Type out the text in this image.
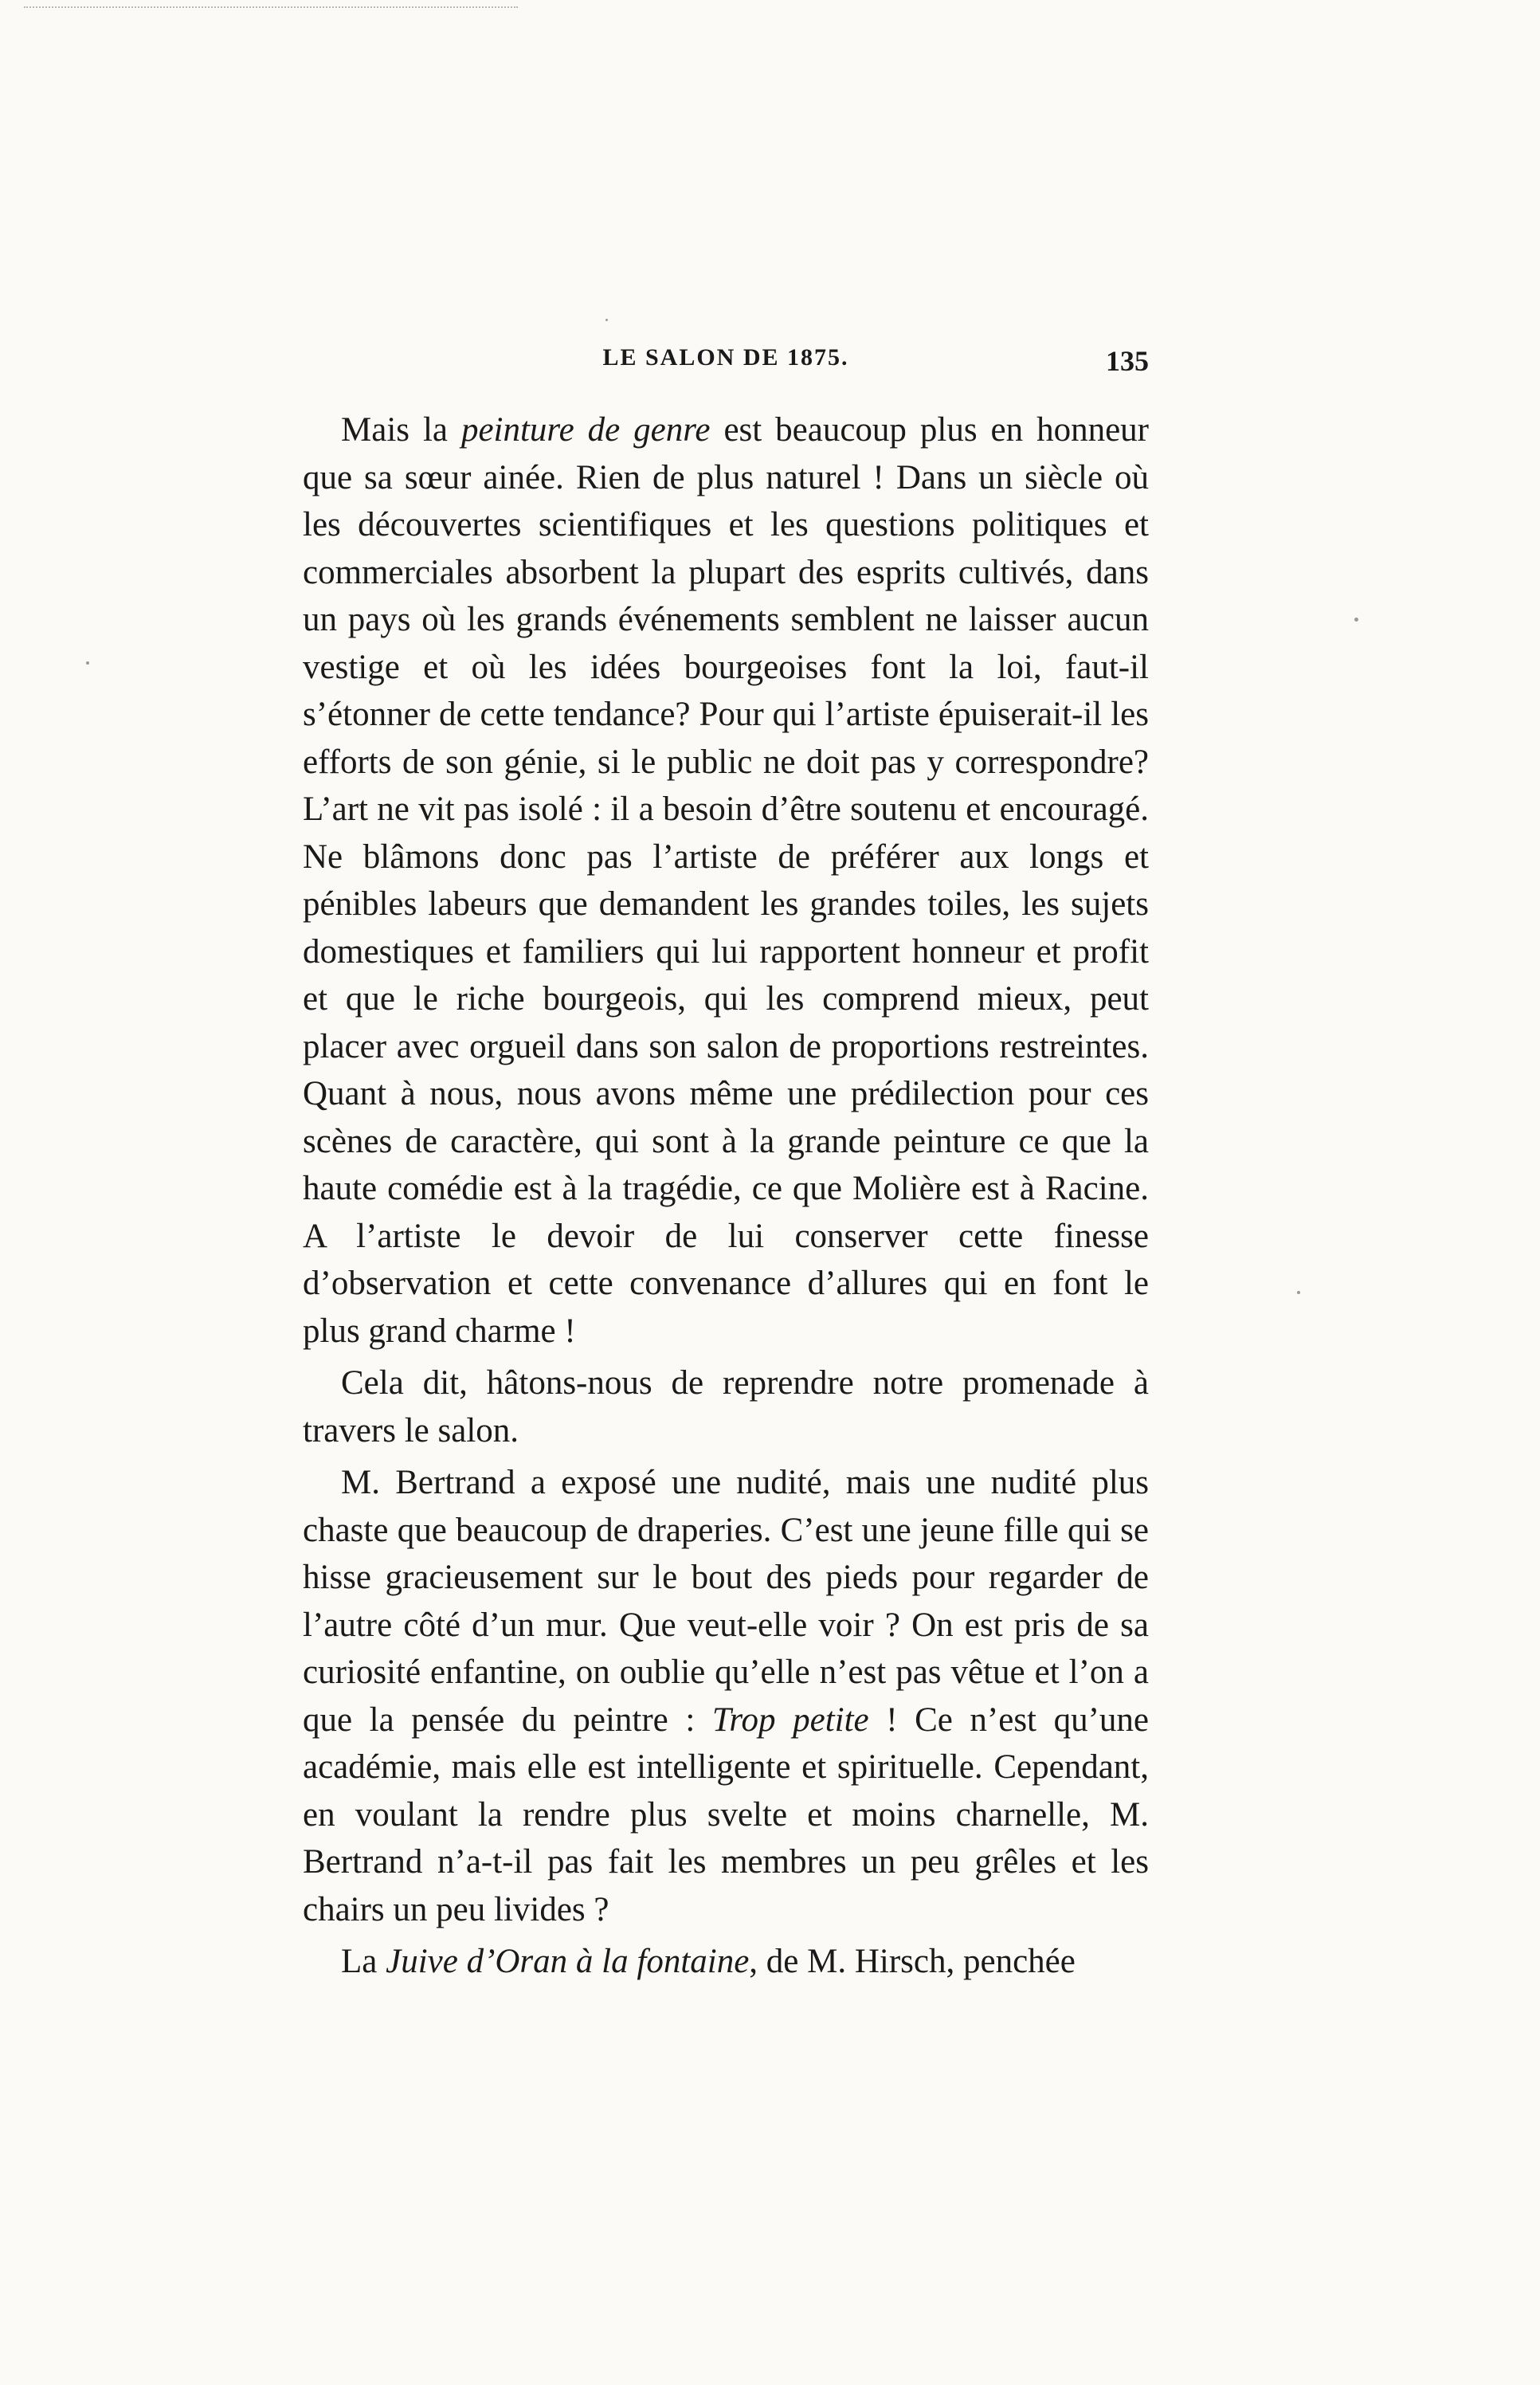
LE SALON DE 1875.	135

Mais la peinture de genre est beaucoup plus en honneur que sa sœur ainée. Rien de plus naturel ! Dans un siècle où les découvertes scientifiques et les questions politiques et commerciales absorbent la plupart des esprits cultivés, dans un pays où les grands événements semblent ne laisser aucun vestige et où les idées bourgeoises font la loi, faut-il s’étonner de cette tendance? Pour qui l’artiste épuiserait-il les efforts de son génie, si le public ne doit pas y correspondre? L’art ne vit pas isolé : il a besoin d’être soutenu et encouragé. Ne blâmons donc pas l’artiste de préférer aux longs et pénibles labeurs que demandent les grandes toiles, les sujets domestiques et familiers qui lui rapportent honneur et profit et que le riche bourgeois, qui les comprend mieux, peut placer avec orgueil dans son salon de proportions restreintes. Quant à nous, nous avons même une prédilection pour ces scènes de caractère, qui sont à la grande peinture ce que la haute comédie est à la tragédie, ce que Molière est à Racine. A l’artiste le devoir de lui conserver cette finesse d’observation et cette convenance d’allures qui en font le plus grand charme !

Cela dit, hâtons-nous de reprendre notre promenade à travers le salon.

M. Bertrand a exposé une nudité, mais une nudité plus chaste que beaucoup de draperies. C’est une jeune fille qui se hisse gracieusement sur le bout des pieds pour regarder de l’autre côté d’un mur. Que veut-elle voir ? On est pris de sa curiosité enfantine, on oublie qu’elle n’est pas vêtue et l’on a que la pensée du peintre : Trop petite ! Ce n’est qu’une académie, mais elle est intelligente et spirituelle. Cependant, en voulant la rendre plus svelte et moins charnelle, M. Bertrand n’a-t-il pas fait les membres un peu grêles et les chairs un peu livides ?

La Juive d’Oran à la fontaine, de M. Hirsch, penchée
